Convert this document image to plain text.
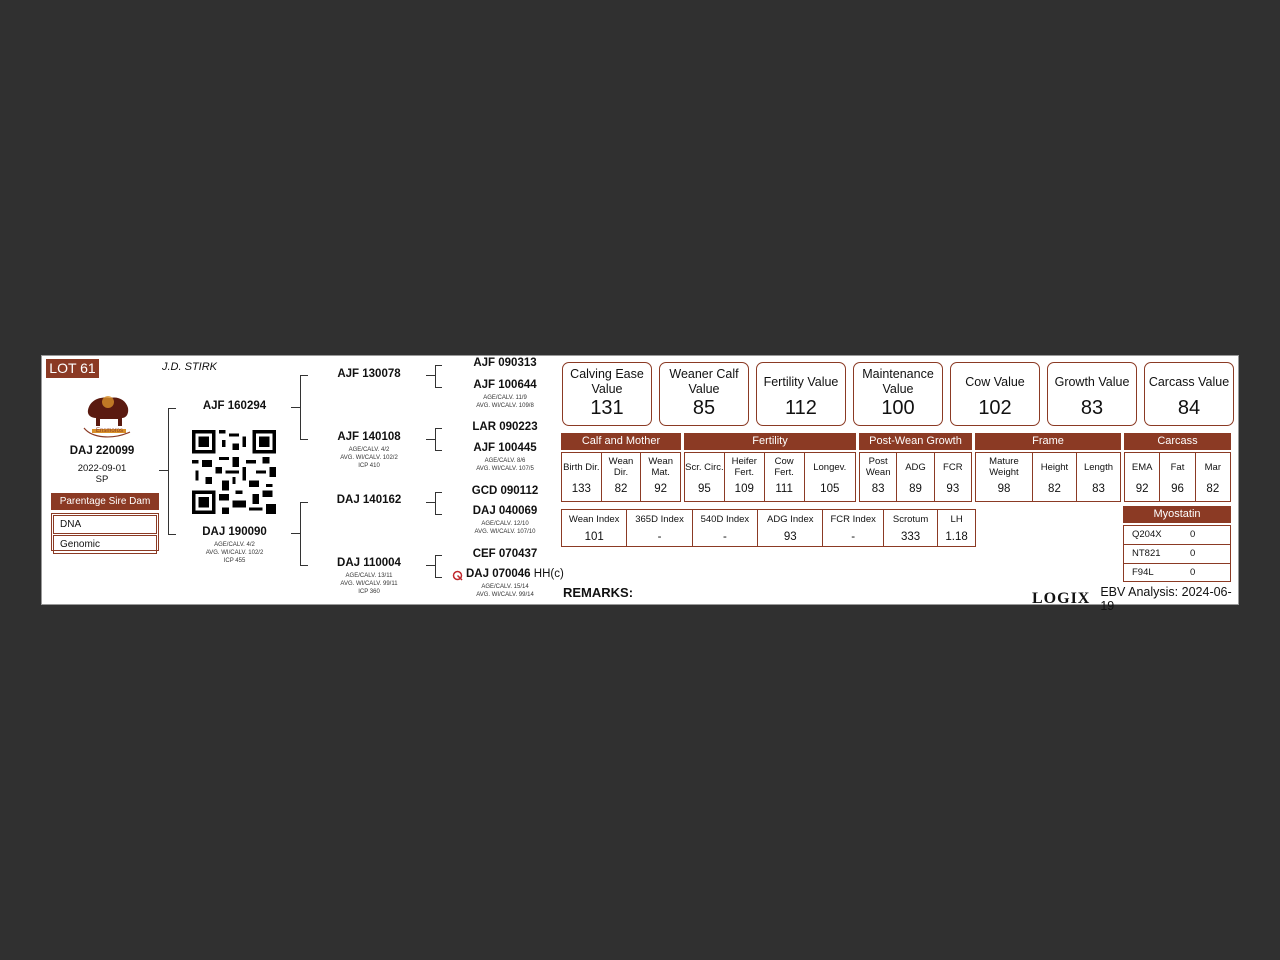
LOT 61	J.D. STIRK
Ensmoros
DAJ 220099
2022-09-01
SP
Parentage Sire Dam
DNA
Genomic
AJF 160294
DAJ 190090
AGE/CALV. 4/2
AVG. WI/CALV. 102/2
ICP 455
AJF 130078
AJF 140108
AGE/CALV. 4/2
AVG. WI/CALV. 102/2
ICP 410
DAJ 140162
DAJ 110004
AGE/CALV. 13/11
AVG. WI/CALV. 99/11
ICP 360
AJF 090313
AJF 100644
AGE/CALV. 11/9
AVG. WI/CALV. 109/8
LAR 090223
AJF 100445
AGE/CALV. 8/6
AVG. WI/CALV. 107/5
GCD 090112
DAJ 040069
AGE/CALV. 12/10
AVG. WI/CALV. 107/10
CEF 070437
DAJ 070046 HH(c)
AGE/CALV. 15/14
AVG. WI/CALV. 99/14
Calving Ease Value
131
Weaner Calf Value
85
Fertility Value
112
Maintenance Value
100
Cow Value
102
Growth Value
83
Carcass Value
84
Calf and Mother	Fertility	Post-Wean Growth	Frame	Carcass
Birth Dir.
133
Wean Dir.
82
Wean Mat.
92
Scr. Circ.
95
Heifer Fert.
109
Cow Fert.
111
Longev.
105
Post Wean
83
ADG
89
FCR
93
Mature Weight
98
Height
82
Length
83
EMA
92
Fat
96
Mar
82
Wean Index
101
365D Index
-
540D Index
-
ADG Index
93
FCR Index
-
Scrotum
333
LH
1.18
Myostatin
Q204X	0
NT821	0
F94L	0
REMARKS:	LOGIX EBV Analysis: 2024-06-19
